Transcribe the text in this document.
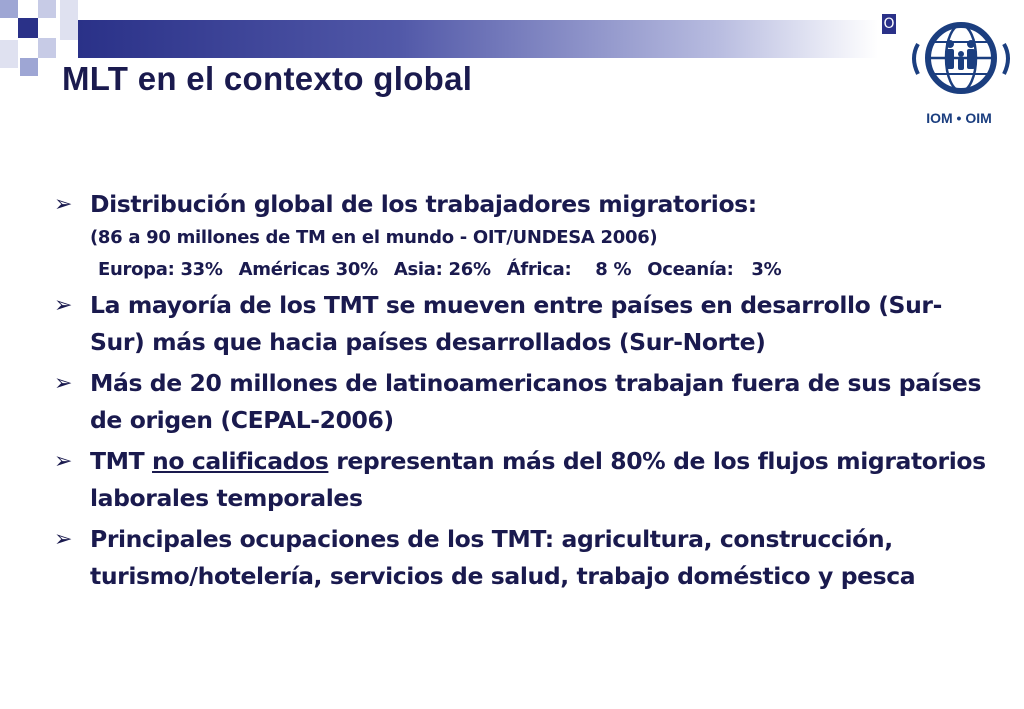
O
MLT en el contexto global
IOM • OIM
➢ Distribución global de los trabajadores migratorios:
(86 a 90 millones de TM en el mundo - OIT/UNDESA 2006)
Europa: 33% Américas 30% Asia: 26% África:    8 % Oceanía:   3%
➢ La mayoría de los TMT se mueven entre países en desarrollo (Sur-Sur) más que hacia países desarrollados (Sur-Norte)
➢ Más de 20 millones de latinoamericanos trabajan fuera de sus países de origen (CEPAL-2006)
➢ TMT no calificados representan más del 80% de los flujos migratorios laborales temporales
➢ Principales ocupaciones de los TMT: agricultura, construcción, turismo/hotelería, servicios de salud, trabajo doméstico y pesca
